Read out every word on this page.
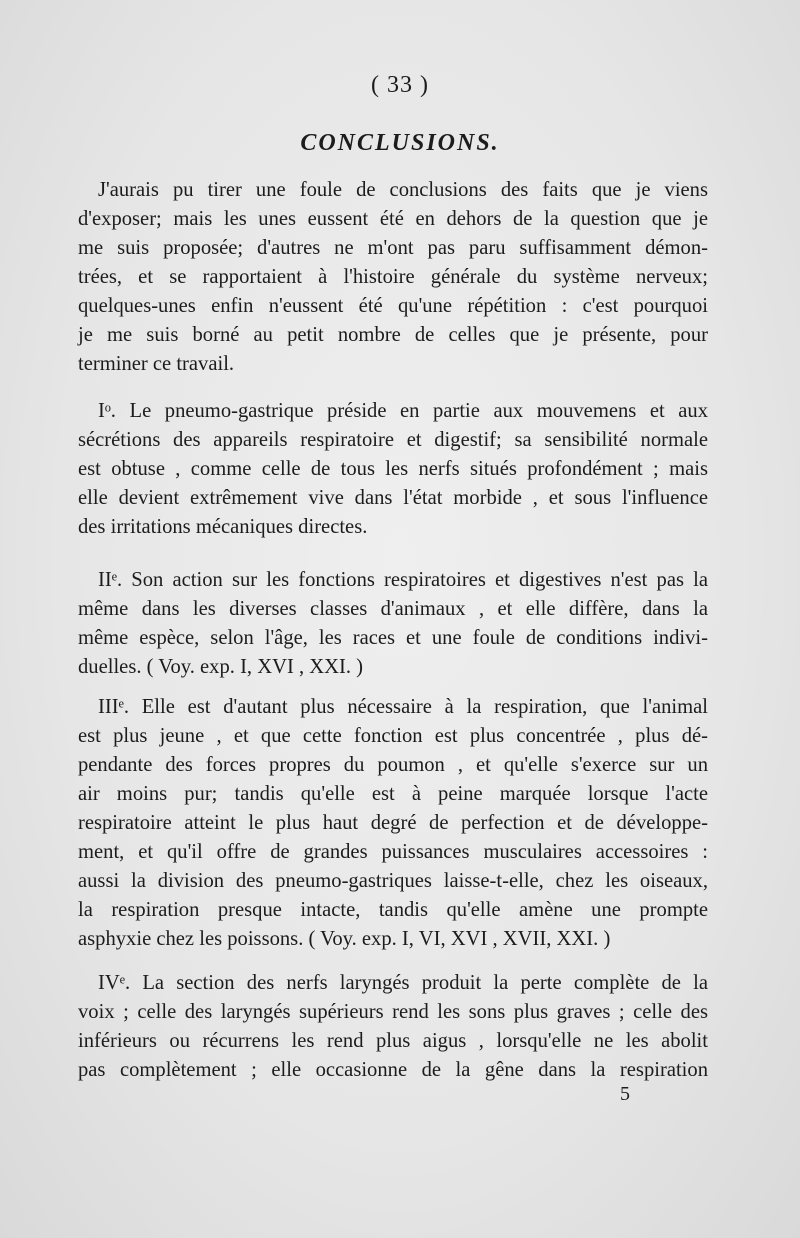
( 33 )
CONCLUSIONS.
J'aurais pu tirer une foule de conclusions des faits que je viens
d'exposer; mais les unes eussent été en dehors de la question que je
me suis proposée; d'autres ne m'ont pas paru suffisamment démon-
trées, et se rapportaient à l'histoire générale du système nerveux;
quelques-unes enfin n'eussent été qu'une répétition : c'est pourquoi
je me suis borné au petit nombre de celles que je présente, pour
terminer ce travail.
Iᵒ. Le pneumo-gastrique préside en partie aux mouvemens et aux
sécrétions des appareils respiratoire et digestif; sa sensibilité normale
est obtuse , comme celle de tous les nerfs situés profondément ; mais
elle devient extrêmement vive dans l'état morbide , et sous l'influence
des irritations mécaniques directes.
IIᵉ. Son action sur les fonctions respiratoires et digestives n'est pas la
même dans les diverses classes d'animaux , et elle diffère, dans la
même espèce, selon l'âge, les races et une foule de conditions indivi-
duelles. ( Voy. exp. I, XVI , XXI. )
IIIᵉ. Elle est d'autant plus nécessaire à la respiration, que l'animal
est plus jeune , et que cette fonction est plus concentrée , plus dé-
pendante des forces propres du poumon , et qu'elle s'exerce sur un
air moins pur; tandis qu'elle est à peine marquée lorsque l'acte
respiratoire atteint le plus haut degré de perfection et de développe-
ment, et qu'il offre de grandes puissances musculaires accessoires :
aussi la division des pneumo-gastriques laisse-t-elle, chez les oiseaux,
la respiration presque intacte, tandis qu'elle amène une prompte
asphyxie chez les poissons. ( Voy. exp. I, VI, XVI , XVII, XXI. )
IVᵉ. La section des nerfs laryngés produit la perte complète de la
voix ; celle des laryngés supérieurs rend les sons plus graves ; celle des
inférieurs ou récurrens les rend plus aigus , lorsqu'elle ne les abolit
pas complètement ; elle occasionne de la gêne dans la respiration
5
